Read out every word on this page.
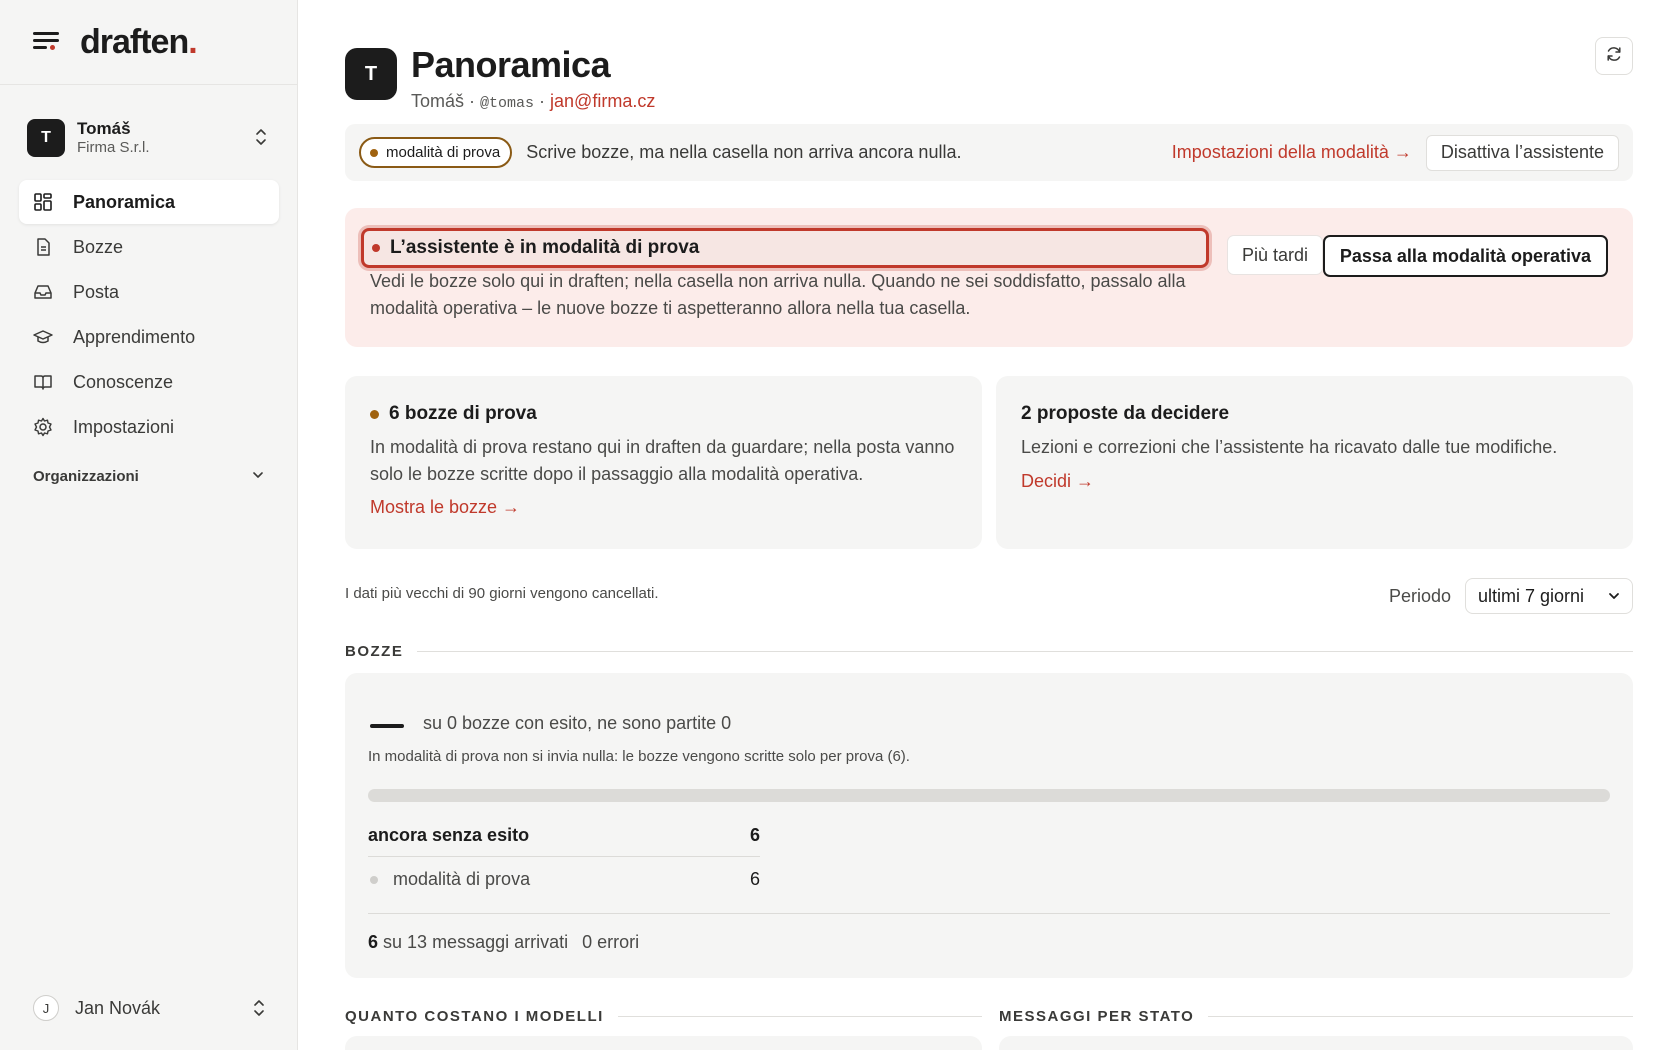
draften.
T	Tomáš
Firma S.r.l.
Panoramica
Bozze
Posta
Apprendimento
Conoscenze
Impostazioni
Organizzazioni
J	Jan Novák
T Panoramica
Tomáš · @tomas · jan@firma.cz
modalità di prova Scrive bozze, ma nella casella non arriva ancora nulla.	Impostazioni della modalità →	Disattiva l’assistente
L’assistente è in modalità di prova
Vedi le bozze solo qui in draften; nella casella non arriva nulla. Quando ne sei soddisfatto, passalo alla modalità operativa – le nuove bozze ti aspetteranno allora nella tua casella.
Più tardi	Passa alla modalità operativa
6 bozze di prova
In modalità di prova restano qui in draften da guardare; nella posta vanno solo le bozze scritte dopo il passaggio alla modalità operativa.
Mostra le bozze →
2 proposte da decidere
Lezioni e correzioni che l’assistente ha ricavato dalle tue modifiche.
Decidi →
I dati più vecchi di 90 giorni vengono cancellati.	Periodo ultimi 7 giorni
BOZZE
su 0 bozze con esito, ne sono partite 0
In modalità di prova non si invia nulla: le bozze vengono scritte solo per prova (6).
ancora senza esito	6
modalità di prova	6
6 su 13 messaggi arrivati 0 errori
QUANTO COSTANO I MODELLI	MESSAGGI PER STATO
